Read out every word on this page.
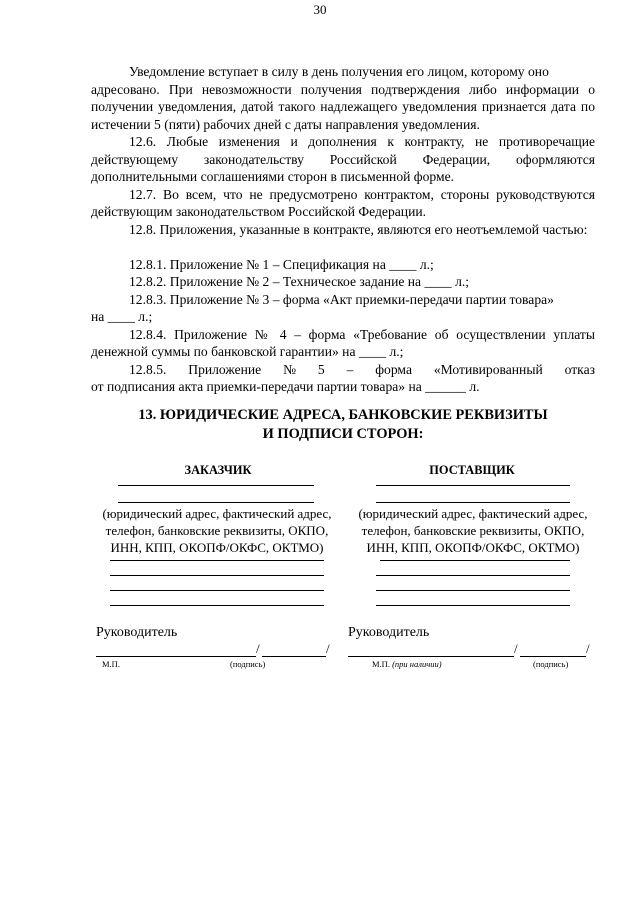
30
Уведомление вступает в силу в день получения его лицом, которому оно
адресовано. При невозможности получения подтверждения либо информации о получении уведомления, датой такого надлежащего уведомления признается дата по истечении 5 (пяти) рабочих дней с даты направления уведомления.
12.6. Любые изменения и дополнения к контракту, не противоречащие действующему законодательству Российской Федерации, оформляются дополнительными соглашениями сторон в письменной форме.
12.7. Во всем, что не предусмотрено контрактом, стороны руководствуются действующим законодательством Российской Федерации.
12.8. Приложения, указанные в контракте, являются его неотъемлемой частью:
12.8.1. Приложение № 1 – Спецификация на ____ л.;
12.8.2. Приложение № 2 – Техническое задание на ____ л.;
12.8.3. Приложение № 3 – форма «Акт приемки-передачи партии товара»
на ____ л.;
12.8.4. Приложение № 4 – форма «Требование об осуществлении уплаты денежной суммы по банковской гарантии» на ____ л.;
12.8.5. Приложение № 5 – форма «Мотивированный отказ
от подписания акта приемки-передачи партии товара» на ______ л.
13. ЮРИДИЧЕСКИЕ АДРЕСА, БАНКОВСКИЕ РЕКВИЗИТЫ
И ПОДПИСИ СТОРОН:
ЗАКАЗЧИК
(юридический адрес, фактический адрес,
телефон, банковские реквизиты, ОКПО,
ИНН, КПП, ОКОПФ/ОКФС, ОКТМО)
Руководитель
/	/
М.П.	(подпись)
ПОСТАВЩИК
(юридический адрес, фактический адрес,
телефон, банковские реквизиты, ОКПО,
ИНН, КПП, ОКОПФ/ОКФС, ОКТМО)
Руководитель
/	/
М.П. (при наличии)	(подпись)
